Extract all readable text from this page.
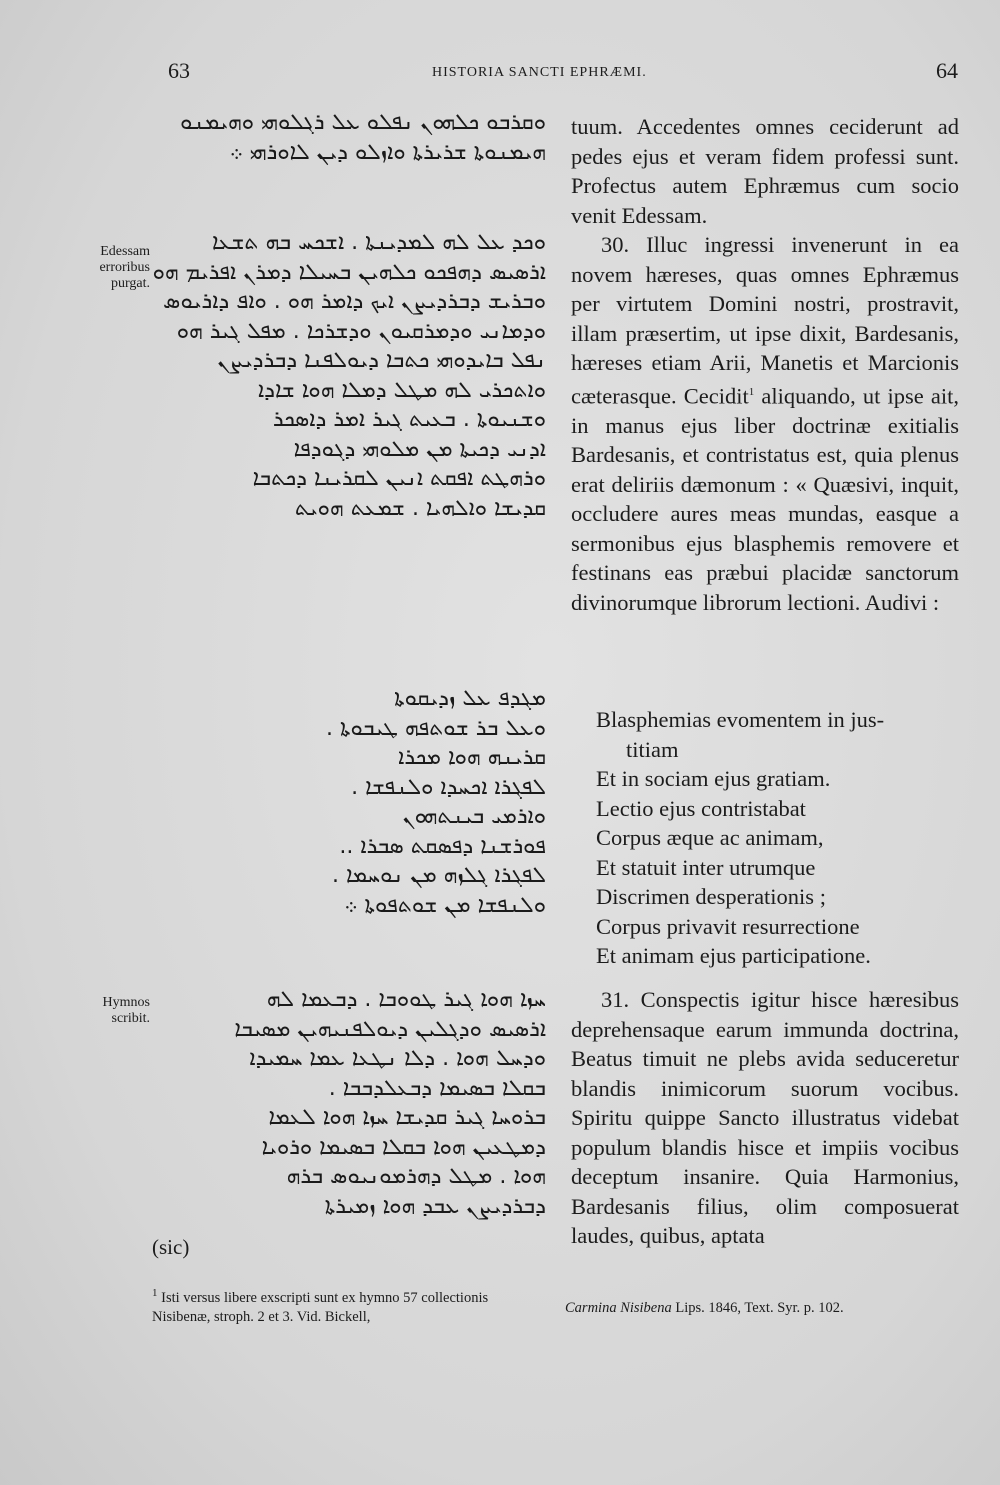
63	HISTORIA SANCTI EPHRÆMI.	64
Edessam
erroribus
purgat.
Hymnos
scribit.
ܘܩܪܒܘ ܟܠܗܘܢ ܢܦܠܘ ܥܠ ܪܓܠܘܗܝ ܘܗܝܡܢܘ
ܗܝܡܢܘܬܐ ܫܪܝܪܬܐ ܘܐܙܠܘ ܕܝܢ ܠܐܘܪܗܝ ܀
ܘܟܕ ܥܠ ܠܗ ܠܡܕܝܢܬܐ . ܐܫܟܚ ܒܗ ܬܫܥܐ
ܐܪܣܝܣ ܕܗܦܟܘ ܟܠܗܝܢ ܒܚܝܠܐ ܕܡܪܢ ܐܦܪܝܡ ܗܘ
ܘܒܪܝܫ ܕܒܪܕܝܨܢ ܐܝܟ ܕܐܡܪ ܗܘ . ܘܐܦ ܕܐܪܝܘܣ
ܘܕܡܐܢܝ ܘܕܡܪܩܝܘܢ ܘܕܫܪܟܐ . ܡܦܠ ܓܝܪ ܗܘ
ܢܦܠ ܒܐܝܕܘܗܝ ܟܬܒܐ ܕܝܘܠܦܢܐ ܕܒܪܕܝܨܢ
ܘܐܬܟܪܝ ܠܗ ܡܛܠ ܕܡܠܐ ܗܘܐ ܫܐܕܐ
ܘܫܢܝܘܬܐ . ܒܥܝܬ ܓܝܪ ܐܡܪ ܕܐܣܟܪ
ܐܕܢܝ ܕܟܝܬܐ ܡܢ ܡܠܘܗܝ ܕܓܘܕܦܐ
ܘܪܗܛܬ ܐܦܩܬ ܐܢܝܢ ܠܩܪܝܢܐ ܕܟܬܒܐ
ܩܕܝܫܐ ܘܐܠܗܝܐ . ܫܡܥܬ ܗܘܝܬ
ܡܓܕܦ ܥܠ ܙܕܝܩܘܬܐ
ܘܥܠ ܒܪ ܫܘܬܦܗ ܛܝܒܘܬܐ .
ܩܪܝܢܗ ܗܘܐ ܡܟܪܐ
ܠܦܓܪܐ ܐܟܚܕܐ ܘܠܢܦܫܐ .
ܘܐܪܡܝ ܒܝܢܬܗܘܢ
ܦܘܪܫܢܐ ܕܦܣܩܬ ܣܒܪܐ ..
ܠܦܓܪܐ ܓܠܙܗ ܡܢ ܢܘܚܡܐ .
ܘܠܢܦܫܐ ܡܢ ܫܘܬܦܘܬܐ ܀
ܚܙܐ ܗܘܐ ܓܝܪ ܛܘܘܒܐ . ܕܒܥܡܐ ܠܗ
ܐܪܣܝܣ ܘܕܓܠܝܢ ܕܝܘܠܦܢܝܗܝܢ ܡܣܝܒܐ
ܘܕܚܠ ܗܘܐ . ܕܠܐ ܢܛܥܐ ܥܡܐ ܚܡܝܕܐ
ܒܩܠܐ ܒܣܝܡܐ ܕܒܥܠܕܒܒܐ .
ܒܪܘܚܐ ܓܝܪ ܩܕܝܫܐ ܚܙܐ ܗܘܐ ܠܥܡܐ
ܕܡܛܥܝܢ ܗܘܐ ܒܩܠܐ ܒܣܝܡܐ ܘܪܘܝܐ
ܗܘܐ . ܡܛܠ ܕܗܪܡܘܢܝܘܣ ܒܪܗ
ܕܒܪܕܝܨܢ ܥܒܕ ܗܘܐ ܙܡܝܪܬܐ
(sic)

tuum. Accedentes omnes ceciderunt ad pedes ejus et veram fidem professi sunt. Profectus autem Ephræmus cum socio venit Edessam.

30. Illuc ingressi invenerunt in ea novem hæreses, quas omnes Ephræmus per virtutem Domini nostri, prostravit, illam præsertim, ut ipse dixit, Bardesanis, hæreses etiam Arii, Manetis et Marcionis cæterasque. Cecidit$^1$ aliquando, ut ipse ait, in manus ejus liber doctrinæ exitialis Bardesanis, et contristatus est, quia plenus erat deliriis dæmonum : « Quæsivi, inquit, occludere aures meas mundas, easque a sermonibus ejus blasphemis removere et festinans eas præbui placidæ sanctorum divinorumque librorum lectioni. Audivi :

Blasphemias evomentem in jus-
titiam
Et in sociam ejus gratiam.
Lectio ejus contristabat
Corpus æque ac animam,
Et statuit inter utrumque
Discrimen desperationis ;
Corpus privavit resurrectione
Et animam ejus participatione.

31. Conspectis igitur hisce hæresibus deprehensaque earum immunda doctrina, Beatus timuit ne plebs avida seduceretur blandis inimicorum suorum vocibus. Spiritu quippe Sancto illustratus videbat populum blandis hisce et impiis vocibus deceptum insanire. Quia Harmonius, Bardesanis filius, olim composuerat laudes, quibus, aptata

$^1$ Isti versus libere exscripti sunt ex hymno 57 collectionis Nisibenæ, stroph. 2 et 3. Vid. Bickell,
Carmina Nisibena Lips. 1846, Text. Syr. p. 102.
